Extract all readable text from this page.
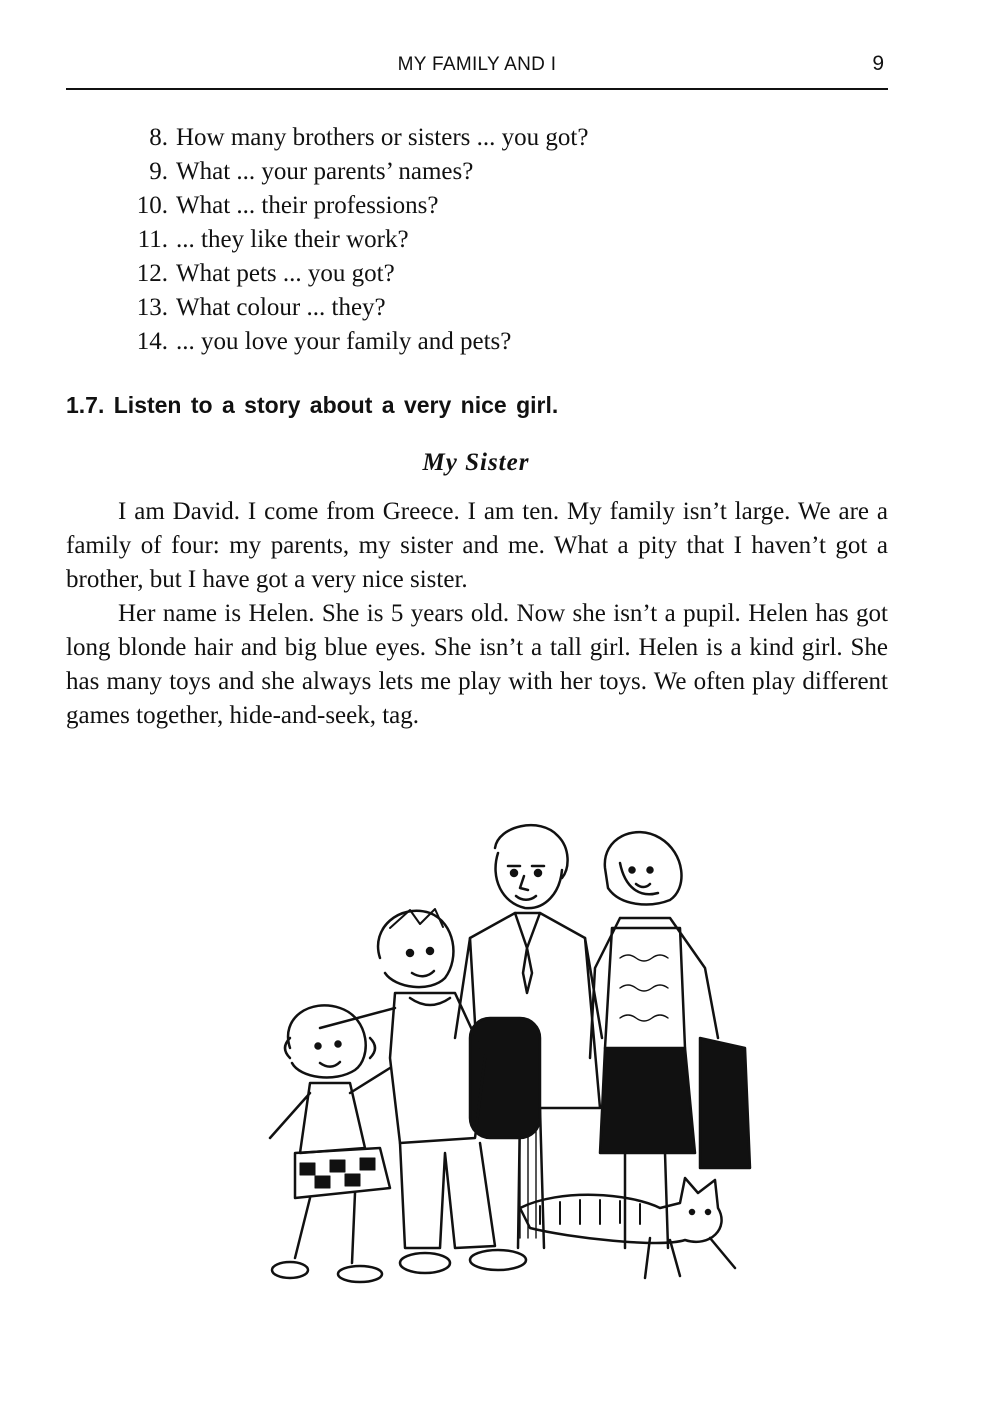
MY FAMILY AND I	9
8. How many brothers or sisters ... you got?
9. What ... your parents’ names?
10. What ... their professions?
11. ... they like their work?
12. What pets ... you got?
13. What colour ... they?
14. ... you love your family and pets?
1.7. Listen to a story about a very nice girl.
My Sister

I am David. I come from Greece. I am ten. My family isn’t large. We are a family of four: my parents, my sister and me. What a pity that I haven’t got a brother, but I have got a very nice sister.

Her name is Helen. She is 5 years old. Now she isn’t a pupil. Helen has got long blonde hair and big blue eyes. She isn’t a tall girl. Helen is a kind girl. She has many toys and she always lets me play with her toys. We often play different games together, hide-and-seek, tag.
